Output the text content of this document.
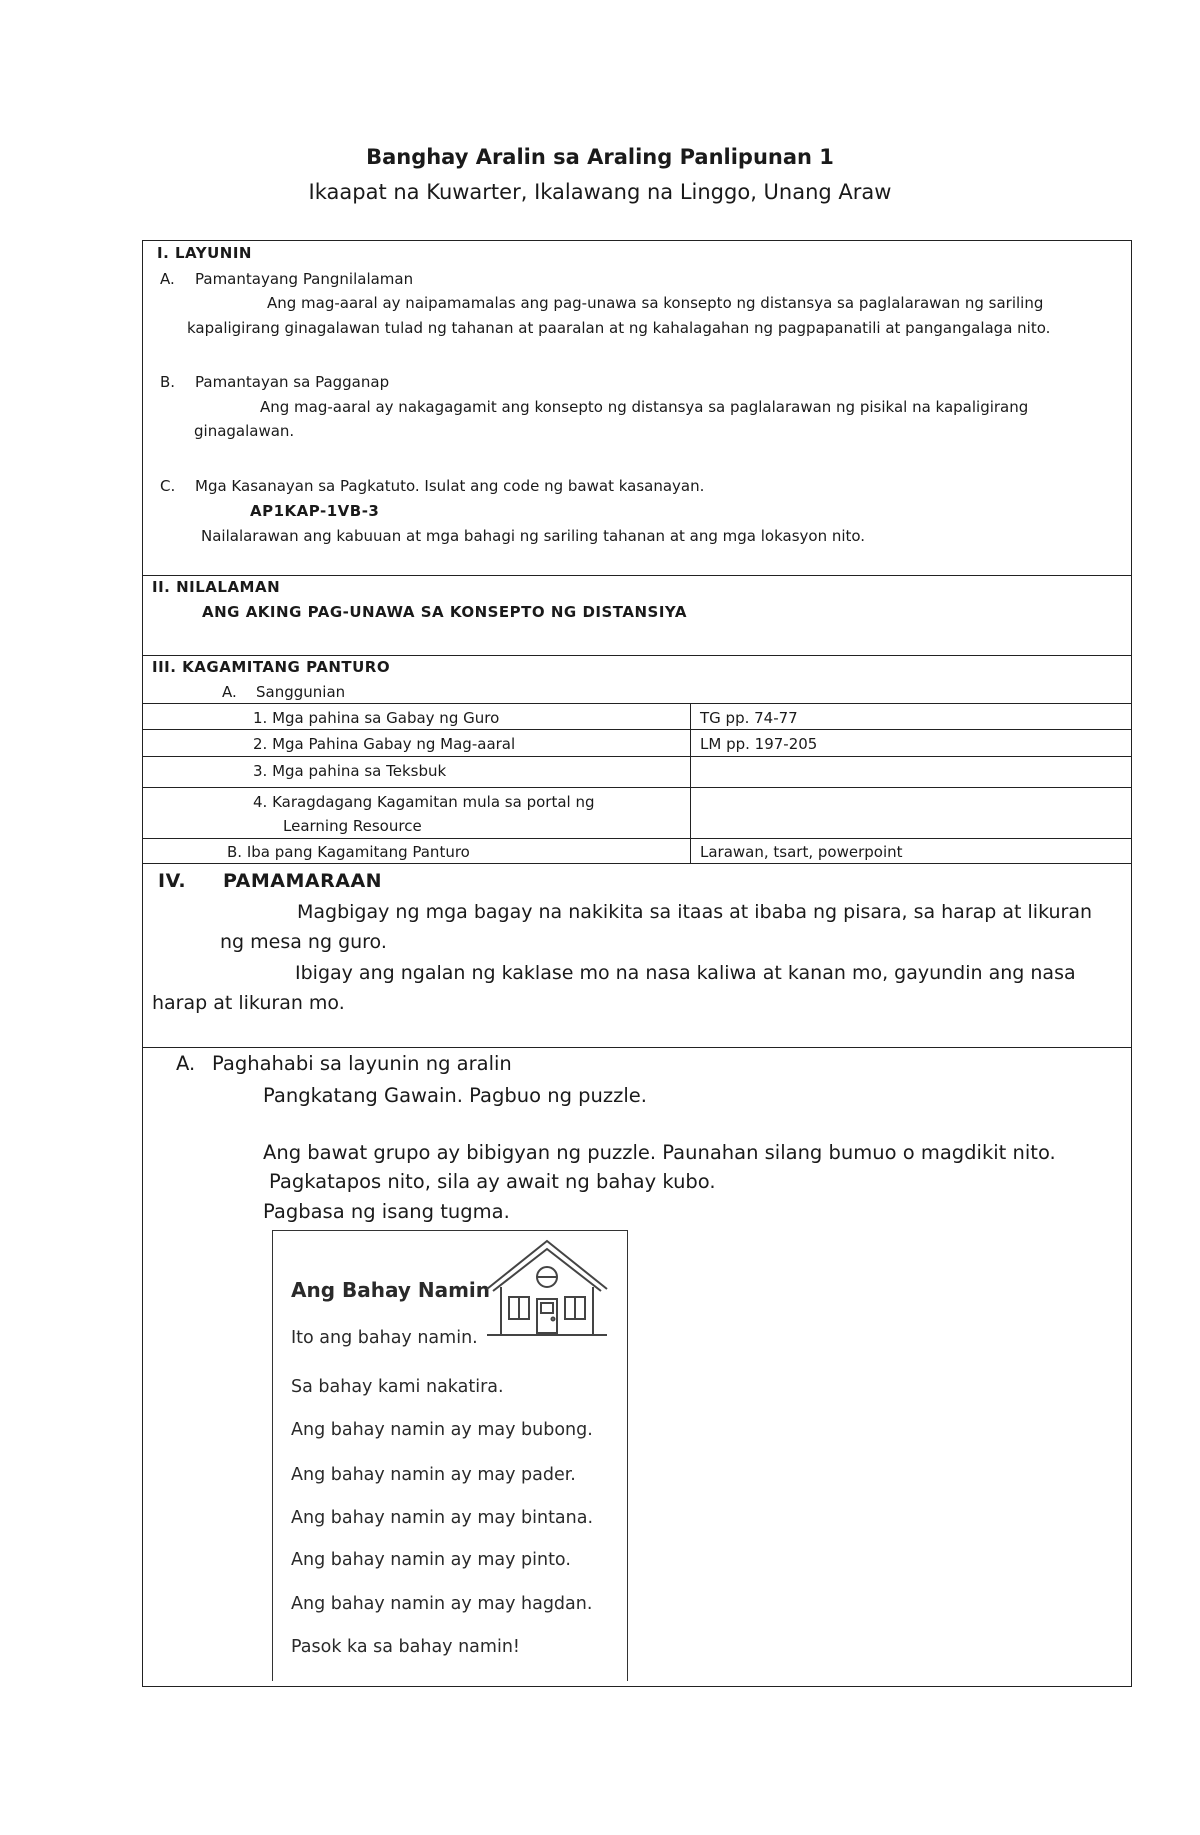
Banghay Aralin sa Araling Panlipunan 1
Ikaapat na Kuwarter, Ikalawang na Linggo, Unang Araw
I. LAYUNIN
A. Pamantayang Pangnilalaman
Ang mag-aaral ay naipamamalas ang pag-unawa sa konsepto ng distansya sa paglalarawan ng sariling
kapaligirang ginagalawan tulad ng tahanan at paaralan at ng kahalagahan ng pagpapanatili at pangangalaga nito.
B. Pamantayan sa Pagganap
Ang mag-aaral ay nakagagamit ang konsepto ng distansya sa paglalarawan ng pisikal na kapaligirang
ginagalawan.
C. Mga Kasanayan sa Pagkatuto. Isulat ang code ng bawat kasanayan.
AP1KAP-1VB-3
Nailalarawan ang kabuuan at mga bahagi ng sariling tahanan at ang mga lokasyon nito.
II. NILALAMAN
ANG AKING PAG-UNAWA SA KONSEPTO NG DISTANSIYA
III. KAGAMITANG PANTURO
A. Sanggunian
1. Mga pahina sa Gabay ng Guro	TG pp. 74-77
2. Mga Pahina Gabay ng Mag-aaral	LM pp. 197-205
3. Mga pahina sa Teksbuk
4. Karagdagang Kagamitan mula sa portal ng
Learning Resource
B. Iba pang Kagamitang Panturo	Larawan, tsart, powerpoint
IV. PAMAMARAAN
Magbigay ng mga bagay na nakikita sa itaas at ibaba ng pisara, sa harap at likuran
ng mesa ng guro.
Ibigay ang ngalan ng kaklase mo na nasa kaliwa at kanan mo, gayundin ang nasa
harap at likuran mo.
A. Paghahabi sa layunin ng aralin
Pangkatang Gawain. Pagbuo ng puzzle.
Ang bawat grupo ay bibigyan ng puzzle. Paunahan silang bumuo o magdikit nito.
Pagkatapos nito, sila ay await ng bahay kubo.
Pagbasa ng isang tugma.
Ang Bahay Namin
Ito ang bahay namin.
Sa bahay kami nakatira.
Ang bahay namin ay may bubong.
Ang bahay namin ay may pader.
Ang bahay namin ay may bintana.
Ang bahay namin ay may pinto.
Ang bahay namin ay may hagdan.
Pasok ka sa bahay namin!
